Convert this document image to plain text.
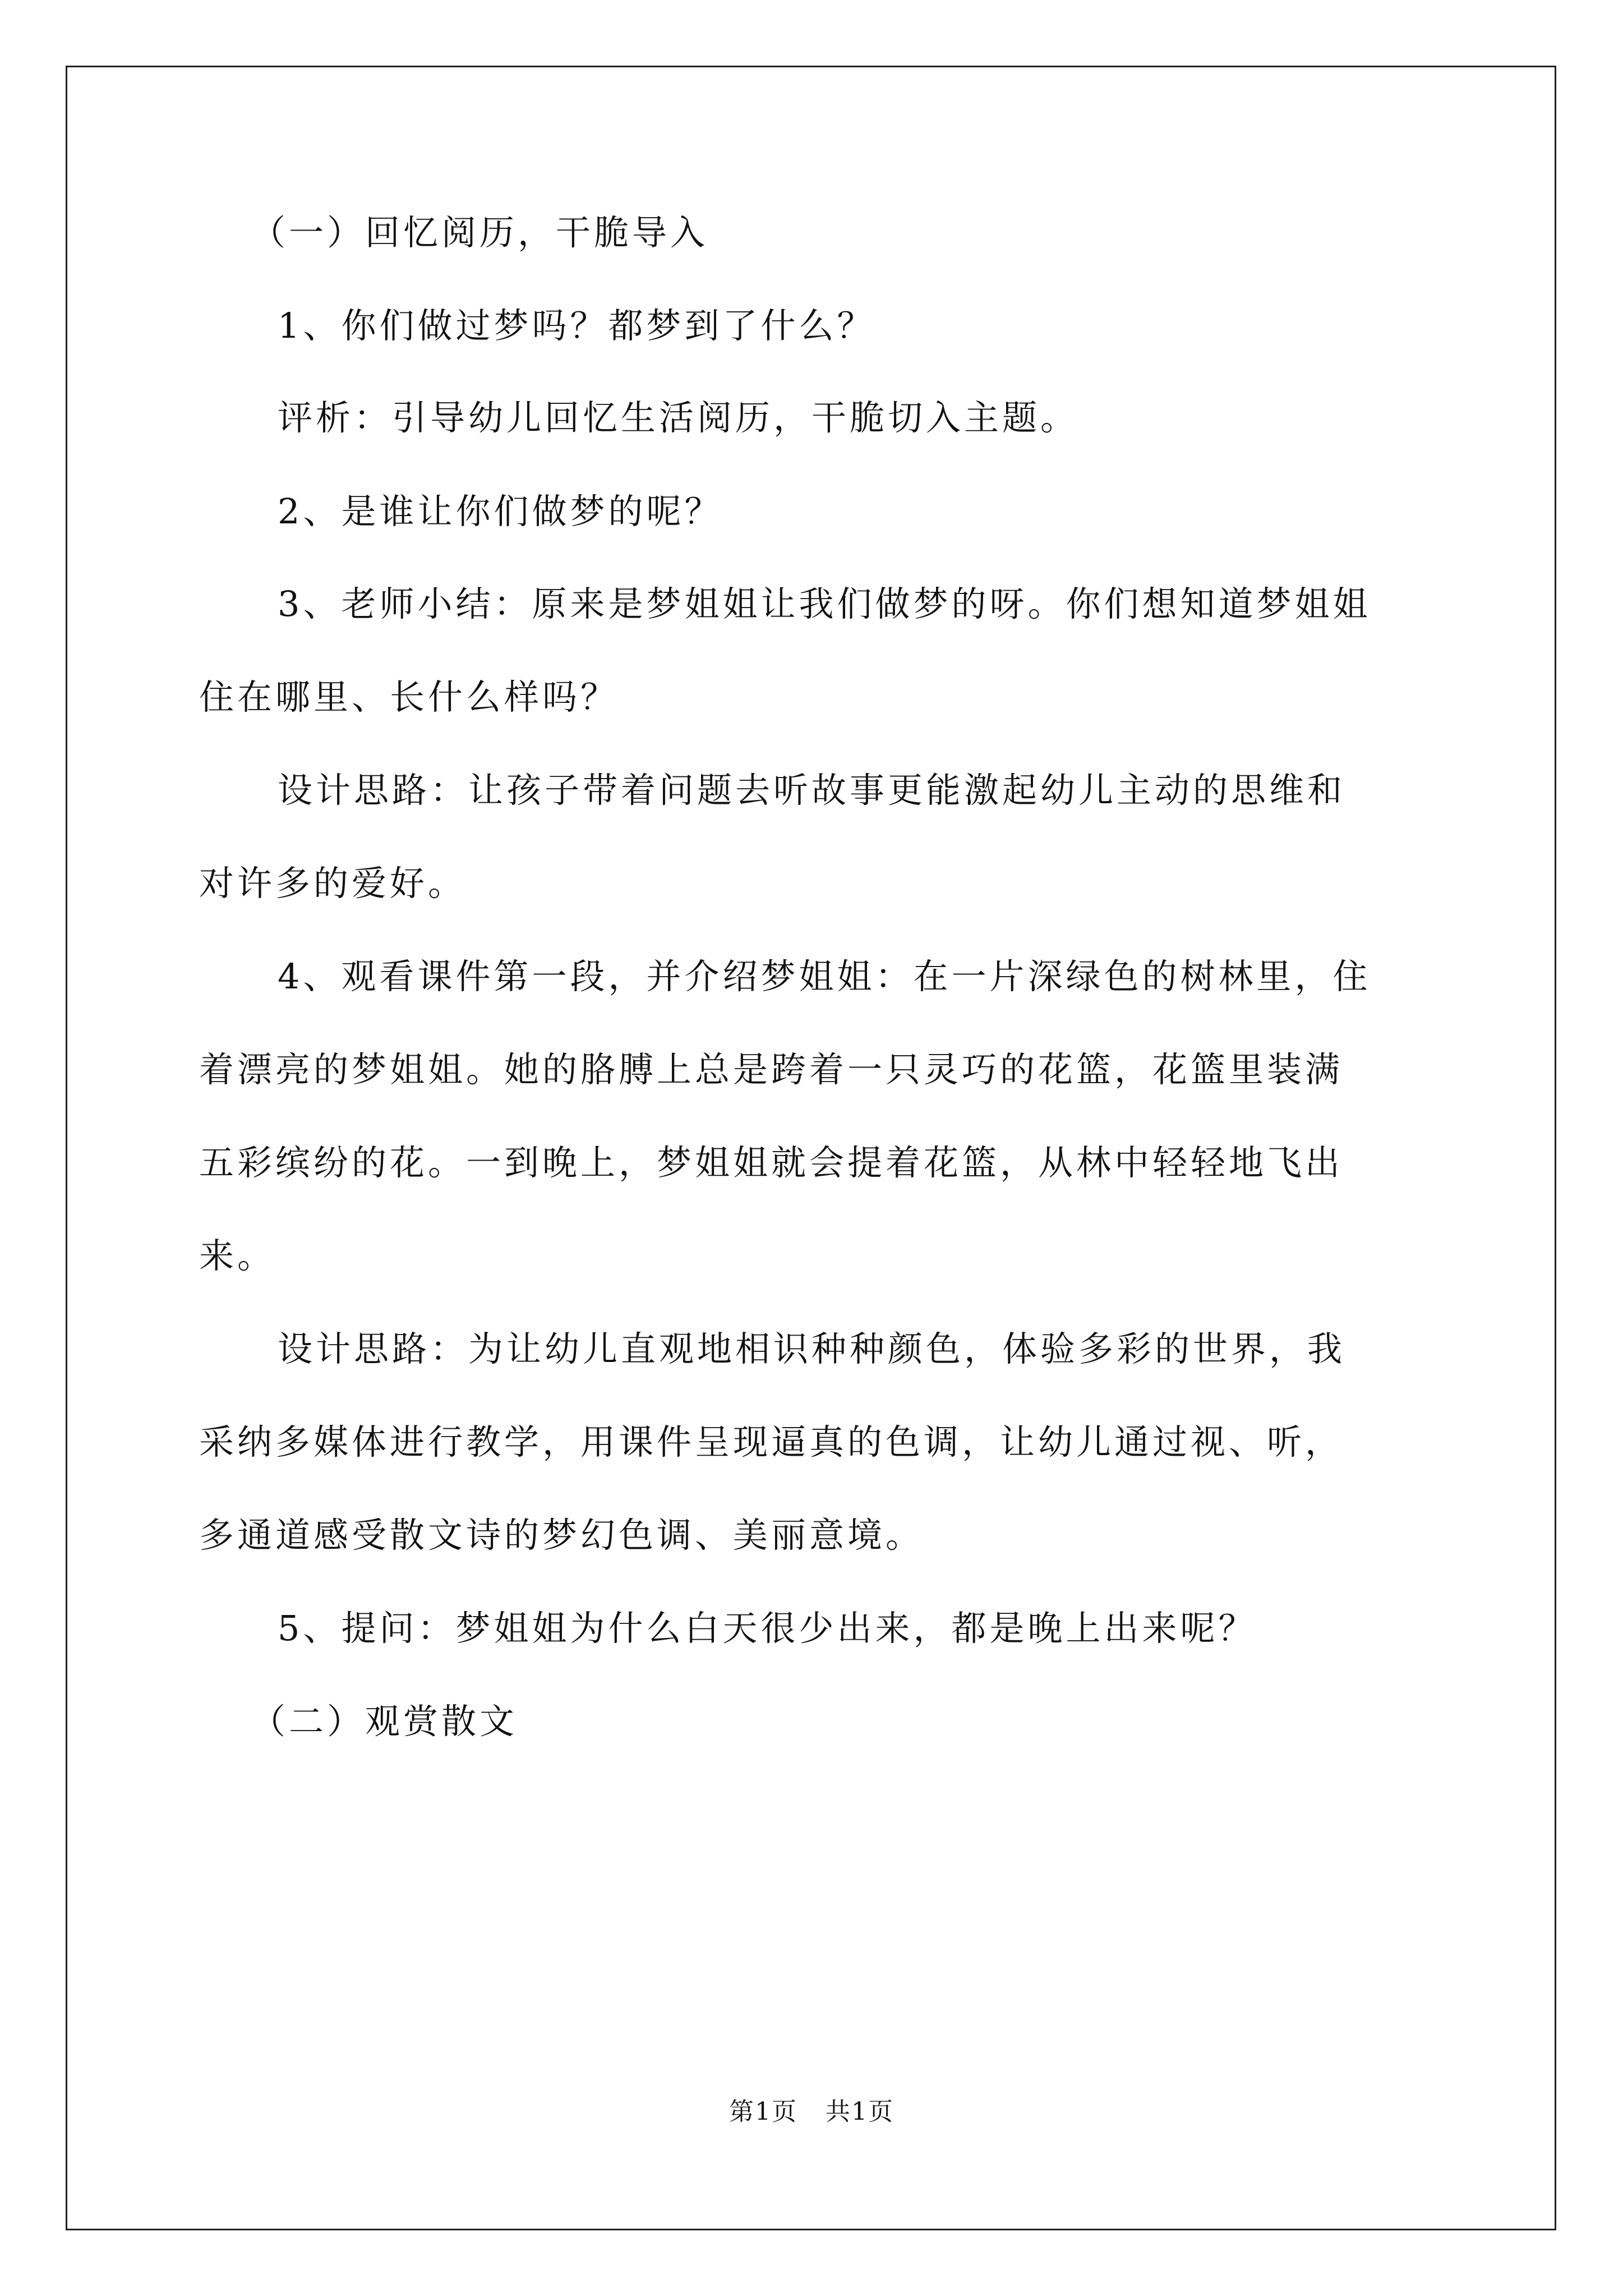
（一）回忆阅历，干脆导入
1、你们做过梦吗？都梦到了什么？
评析：引导幼儿回忆生活阅历，干脆切入主题。
2、是谁让你们做梦的呢？
3、老师小结：原来是梦姐姐让我们做梦的呀。你们想知道梦姐姐
住在哪里、长什么样吗？
设计思路：让孩子带着问题去听故事更能激起幼儿主动的思维和
对许多的爱好。
4、观看课件第一段，并介绍梦姐姐：在一片深绿色的树林里，住
着漂亮的梦姐姐。她的胳膊上总是跨着一只灵巧的花篮，花篮里装满
五彩缤纷的花。一到晚上，梦姐姐就会提着花篮，从林中轻轻地飞出
来。
设计思路：为让幼儿直观地相识种种颜色，体验多彩的世界，我
采纳多媒体进行教学，用课件呈现逼真的色调，让幼儿通过视、听，
多通道感受散文诗的梦幻色调、美丽意境。
5、提问：梦姐姐为什么白天很少出来，都是晚上出来呢？
（二）观赏散文
第1页 共1页
